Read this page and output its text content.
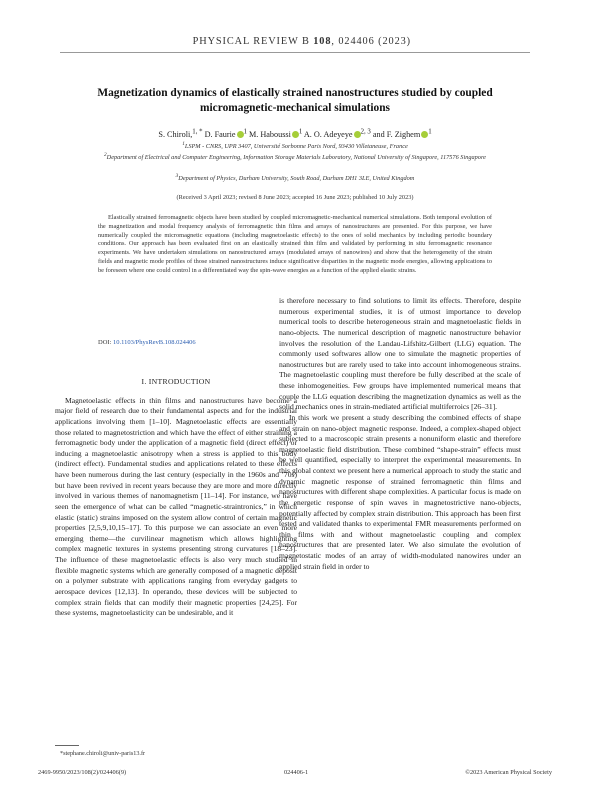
PHYSICAL REVIEW B 108, 024406 (2023)
Magnetization dynamics of elastically strained nanostructures studied by coupled micromagnetic-mechanical simulations
S. Chiroli,$^{1, *}$ D. Faurie $^1$ M. Haboussi $^1$ A. O. Adeyeye $^{2, 3}$ and F. Zighem $^1$
$^1$LSPM - CNRS, UPR 3407, Université Sorbonne Paris Nord, 93430 Villetaneuse, France
$^2$Department of Electrical and Computer Engineering, Information Storage Materials Laboratory, National University of Singapore, 117576 Singapore
$^3$Department of Physics, Durham University, South Road, Durham DH1 3LE, United Kingdom
(Received 3 April 2023; revised 8 June 2023; accepted 16 June 2023; published 10 July 2023)
Elastically strained ferromagnetic objects have been studied by coupled micromagnetic-mechanical numerical simulations. Both temporal evolution of the magnetization and modal frequency analysis of ferromagnetic thin films and arrays of nanostructures are presented. For this purpose, we have numerically coupled the micromagnetic equations (including magnetoelastic effects) to the ones of solid mechanics by including periodic boundary conditions. Our approach has been evaluated first on an elastically strained thin film and validated by performing in situ ferromagnetic resonance experiments. We have undertaken simulations on nanostructured arrays (modulated arrays of nanowires) and show that the heterogeneity of the strain fields and magnetic mode profiles of those strained nanostructures induce significative disparities in the magnetic mode energies, allowing applications to be foreseen where one could control in a differentiated way the spin-wave energies as a function of the applied elastic strains.
DOI: 10.1103/PhysRevB.108.024406
I. INTRODUCTION

Magnetoelastic effects in thin films and nanostructures have become a major field of research due to their fundamental aspects and for the industrial applications involving them [1–10]. Magnetoelastic effects are essentially those related to magnetostriction and which have the effect of either straining a ferromagnetic body under the application of a magnetic field (direct effect) or inducing a magnetoelastic anisotropy when a stress is applied to this body (indirect effect). Fundamental studies and applications related to these effects have been numerous during the last century (especially in the 1960s and ’70s) but have been revived in recent years because they are more and more directly involved in various themes of nanomagnetism [11–14]. For instance, we have seen the emergence of what can be called “magnetic-straintronics,” in which elastic (static) strains imposed on the system allow control of certain magnetic properties [2,5,9,10,15–17]. To this purpose we can associate an even more emerging theme—the curvilinear magnetism which allows highlighting complex magnetic textures in systems presenting strong curvatures [18–23]. The influence of these magnetoelastic effects is also very much studied in flexible magnetic systems which are generally composed of a magnetic deposit on a polymer substrate with applications ranging from everyday gadgets to aerospace devices [12,13]. In operando, these devices will be subjected to complex strain fields that can modify their magnetic properties [24,25]. For these systems, magnetoelasticity can be undesirable, and it

is therefore necessary to find solutions to limit its effects. Therefore, despite numerous experimental studies, it is of utmost importance to develop numerical tools to describe heterogeneous strain and magnetoelastic fields in nano-objects. The numerical description of magnetic nanostructure behavior involves the resolution of the Landau-Lifshitz-Gilbert (LLG) equation. The commonly used softwares allow one to simulate the magnetic properties of nanostructures but are rarely used to take into account inhomogeneous strains. The magnetoelastic coupling must therefore be fully described at the scale of these inhomogeneities. Few groups have implemented numerical means that couple the LLG equation describing the magnetization dynamics as well as the solid mechanics ones in strain-mediated artificial multiferroics [26–31].

In this work we present a study describing the combined effects of shape and strain on nano-object magnetic response. Indeed, a complex-shaped object subjected to a macroscopic strain presents a nonuniform elastic and therefore magnetoelastic field distribution. These combined “shape-strain” effects must be well quantified, especially to interpret the experimental measurements. In this global context we present here a numerical approach to study the static and dynamic magnetic response of strained ferromagnetic thin films and nanostructures with different shape complexities. A particular focus is made on the energetic response of spin waves in magnetostrictive nano-objects, potentially affected by complex strain distribution. This approach has been first tested and validated thanks to experimental FMR measurements performed on thin films with and without magnetoelastic coupling and complex nanostructures that are presented later. We also simulate the evolution of magnetostatic modes of an array of width-modulated nanowires under an applied strain field in order to

*stephane.chiroli@univ-paris13.fr
2469-9950/2023/108(2)/024406(9)	024406-1	©2023 American Physical Society
